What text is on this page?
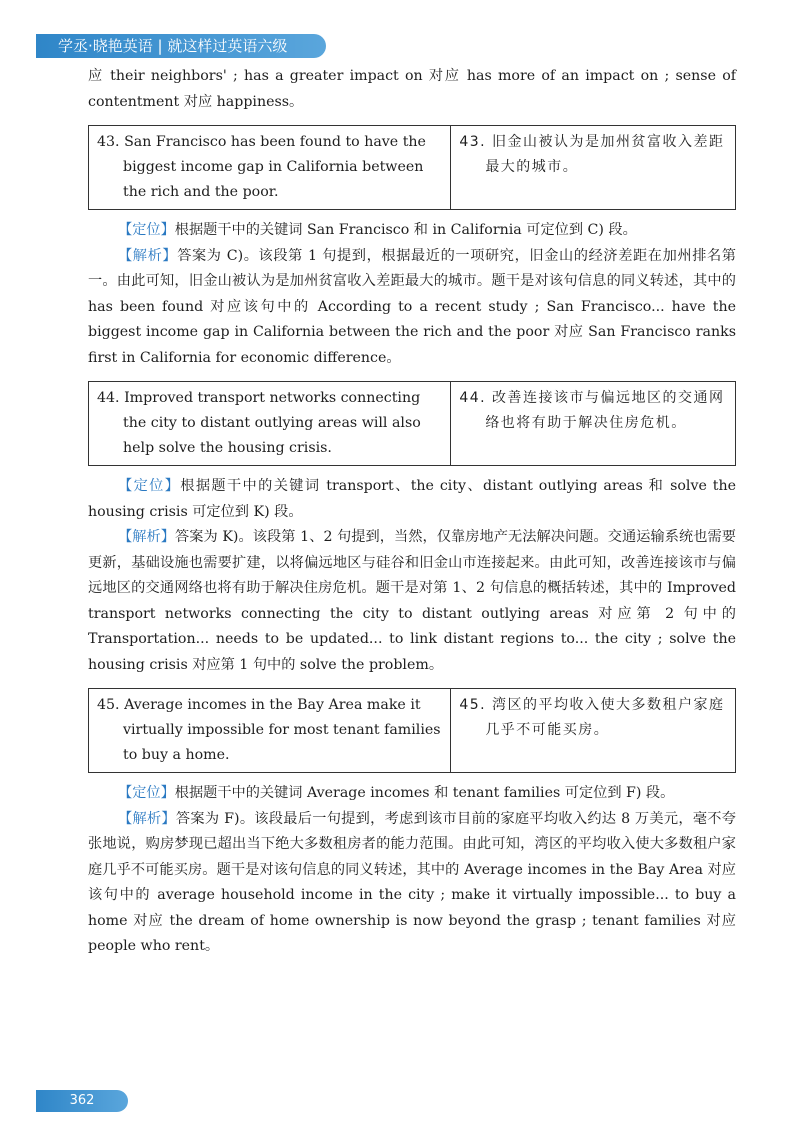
学丞·晓艳英语 | 就这样过英语六级

应 their neighbors' ; has a greater impact on 对应 has more of an impact on ; sense of contentment 对应 happiness。

43. San Francisco has been found to have the biggest income gap in California between the rich and the poor.

43. 旧金山被认为是加州贫富收入差距最大的城市。

【定位】根据题干中的关键词 San Francisco 和 in California 可定位到 C) 段。

【解析】答案为 C)。该段第 1 句提到，根据最近的一项研究，旧金山的经济差距在加州排名第一。由此可知，旧金山被认为是加州贫富收入差距最大的城市。题干是对该句信息的同义转述，其中的 has been found 对应该句中的 According to a recent study ; San Francisco... have the biggest income gap in California between the rich and the poor 对应 San Francisco ranks first in California for economic difference。

44. Improved transport networks connecting the city to distant outlying areas will also help solve the housing crisis.

44. 改善连接该市与偏远地区的交通网络也将有助于解决住房危机。

【定位】根据题干中的关键词 transport、the city、distant outlying areas 和 solve the housing crisis 可定位到 K) 段。

【解析】答案为 K)。该段第 1、2 句提到，当然，仅靠房地产无法解决问题。交通运输系统也需要更新，基础设施也需要扩建，以将偏远地区与硅谷和旧金山市连接起来。由此可知，改善连接该市与偏远地区的交通网络也将有助于解决住房危机。题干是对第 1、2 句信息的概括转述，其中的 Improved transport networks connecting the city to distant outlying areas 对应第 2 句中的 Transportation... needs to be updated... to link distant regions to... the city ; solve the housing crisis 对应第 1 句中的 solve the problem。

45. Average incomes in the Bay Area make it virtually impossible for most tenant families to buy a home.

45. 湾区的平均收入使大多数租户家庭几乎不可能买房。

【定位】根据题干中的关键词 Average incomes 和 tenant families 可定位到 F) 段。

【解析】答案为 F)。该段最后一句提到，考虑到该市目前的家庭平均收入约达 8 万美元，毫不夸张地说，购房梦现已超出当下绝大多数租房者的能力范围。由此可知，湾区的平均收入使大多数租户家庭几乎不可能买房。题干是对该句信息的同义转述，其中的 Average incomes in the Bay Area 对应该句中的 average household income in the city ; make it virtually impossible... to buy a home 对应 the dream of home ownership is now beyond the grasp ; tenant families 对应 people who rent。

362
